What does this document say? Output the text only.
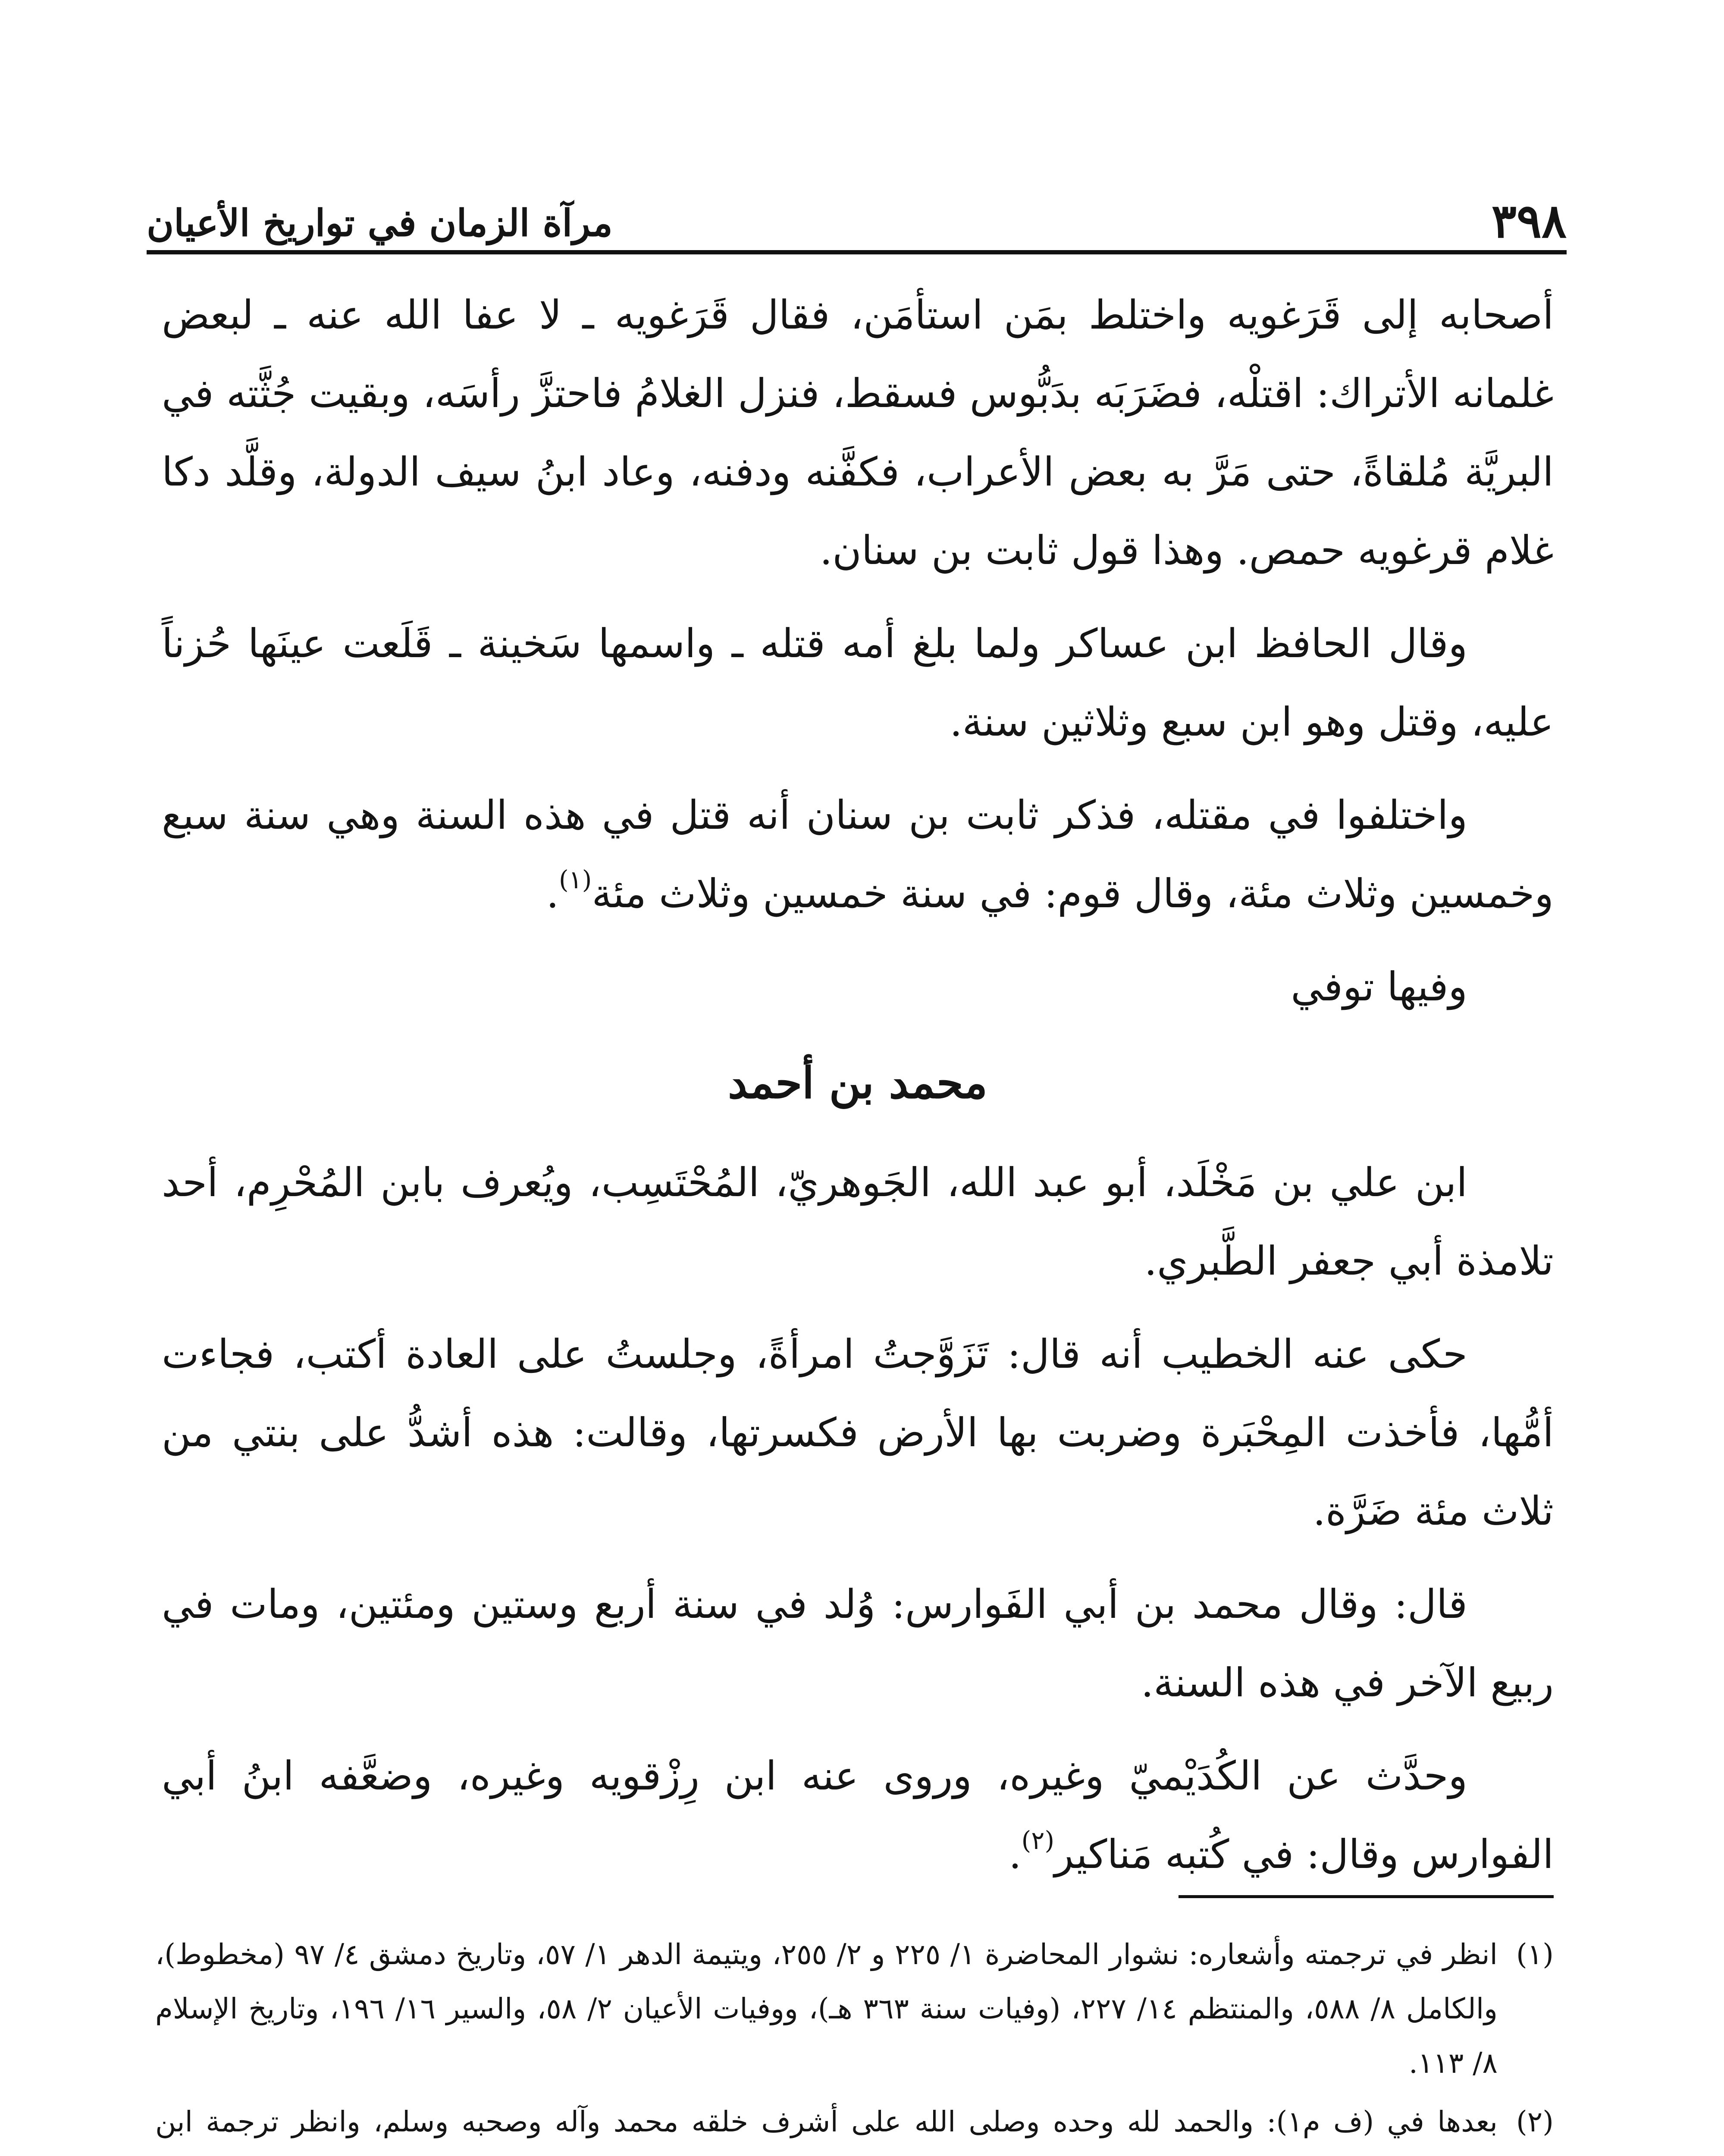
مرآة الزمان في تواريخ الأعيان	٣٩٨

أصحابه إلى قَرَغويه واختلط بمَن استأمَن، فقال قَرَغويه ـ لا عفا الله عنه ـ لبعض غلمانه الأتراك: اقتلْه، فضَرَبَه بدَبُّوس فسقط، فنزل الغلامُ فاحتزَّ رأسَه، وبقيت جُثَّته في البريَّة مُلقاةً، حتى مَرَّ به بعض الأعراب، فكفَّنه ودفنه، وعاد ابنُ سيف الدولة، وقلَّد دكا غلام قرغويه حمص. وهذا قول ثابت بن سنان.

وقال الحافظ ابن عساكر ولما بلغ أمه قتله ـ واسمها سَخينة ـ قَلَعت عينَها حُزناً عليه، وقتل وهو ابن سبع وثلاثين سنة.

واختلفوا في مقتله، فذكر ثابت بن سنان أنه قتل في هذه السنة وهي سنة سبع وخمسين وثلاث مئة، وقال قوم: في سنة خمسين وثلاث مئة$^{(١)}$.

وفيها توفي

محمد بن أحمد

ابن علي بن مَخْلَد، أبو عبد الله، الجَوهريّ، المُحْتَسِب، ويُعرف بابن المُحْرِم، أحد تلامذة أبي جعفر الطَّبري.

حكى عنه الخطيب أنه قال: تَزَوَّجتُ امرأةً، وجلستُ على العادة أكتب، فجاءت أمُّها، فأخذت المِحْبَرة وضربت بها الأرض فكسرتها، وقالت: هذه أشدُّ على بنتي من ثلاث مئة ضَرَّة.

قال: وقال محمد بن أبي الفَوارس: وُلد في سنة أربع وستين ومئتين، ومات في ربيع الآخر في هذه السنة.

وحدَّث عن الكُدَيْميّ وغيره، وروى عنه ابن رِزْقويه وغيره، وضعَّفه ابنُ أبي الفوارس وقال: في كُتبه مَناكير$^{(٢)}$.

(١)انظر في ترجمته وأشعاره: نشوار المحاضرة ١/ ٢٢٥ و ٢/ ٢٥٥، ويتيمة الدهر ١/ ٥٧، وتاريخ دمشق ٤/ ٩٧ (مخطوط)، والكامل ٨/ ٥٨٨، والمنتظم ١٤/ ٢٢٧، (وفيات سنة ٣٦٣ هـ)، ووفيات الأعيان ٢/ ٥٨، والسير ١٦/ ١٩٦، وتاريخ الإسلام ٨/ ١١٣.

(٢)بعدها في (ف م١): والحمد لله وحده وصلى الله على أشرف خلقه محمد وآله وصحبه وسلم، وانظر ترجمة ابن
